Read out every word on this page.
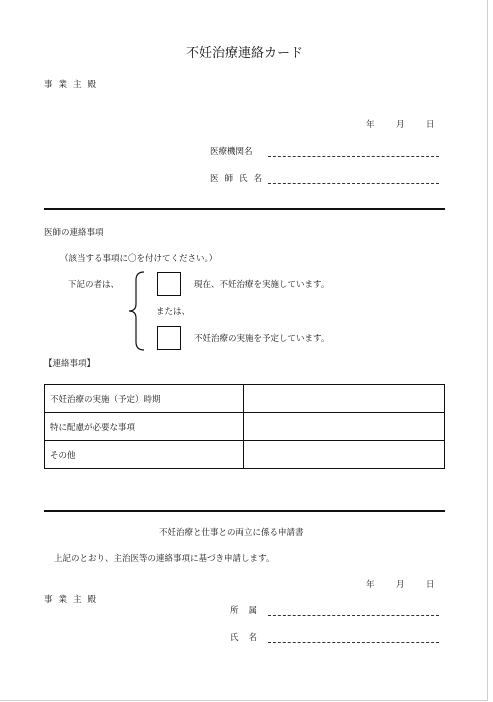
不妊治療連絡カード
事業主殿
年	月	日
医療機関名
医師氏名
医師の連絡事項
（該当する事項に〇を付けてください。）
下記の者は、	現在、不妊治療を実施しています。
または、
不妊治療の実施を予定しています。
【連絡事項】
不妊治療の実施（予定）時期	
特に配慮が必要な事項	
その他	
不妊治療と仕事との両立に係る申請書
上記のとおり、主治医等の連絡事項に基づき申請します。
年	月	日
事業主殿
所属
氏名
